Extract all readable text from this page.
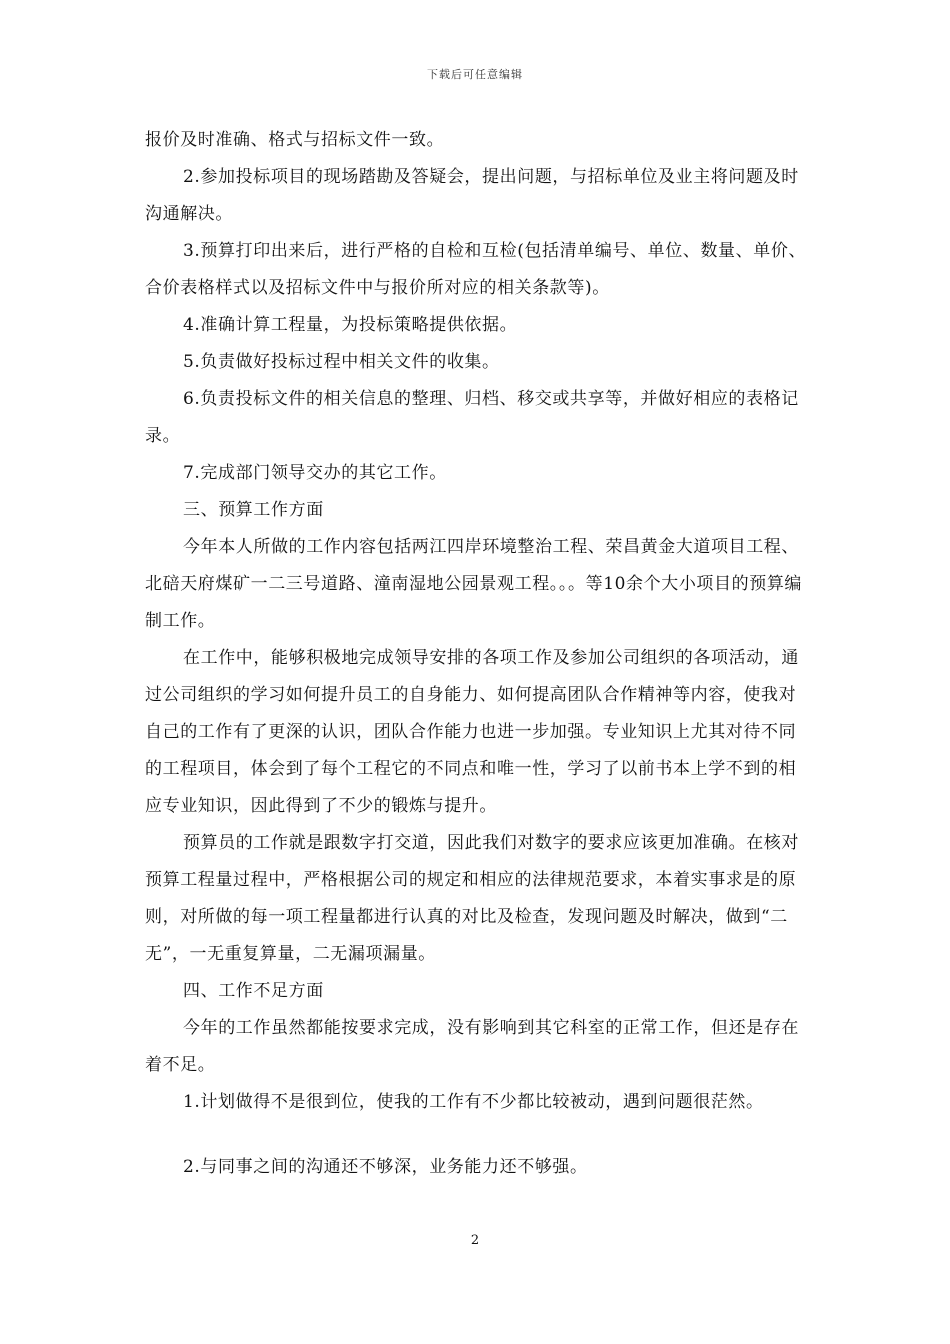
下载后可任意编辑

报价及时准确、格式与招标文件一致。

2.参加投标项目的现场踏勘及答疑会，提出问题，与招标单位及业主将问题及时沟通解决。

3.预算打印出来后，进行严格的自检和互检(包括清单编号、单位、数量、单价、合价表格样式以及招标文件中与报价所对应的相关条款等)。

4.准确计算工程量，为投标策略提供依据。

5.负责做好投标过程中相关文件的收集。

6.负责投标文件的相关信息的整理、归档、移交或共享等，并做好相应的表格记录。

7.完成部门领导交办的其它工作。

三、预算工作方面

今年本人所做的工作内容包括两江四岸环境整治工程、荣昌黄金大道项目工程、北碚天府煤矿一二三号道路、潼南湿地公园景观工程。。。等10余个大小项目的预算编制工作。

在工作中，能够积极地完成领导安排的各项工作及参加公司组织的各项活动，通过公司组织的学习如何提升员工的自身能力、如何提高团队合作精神等内容，使我对自己的工作有了更深的认识，团队合作能力也进一步加强。专业知识上尤其对待不同的工程项目，体会到了每个工程它的不同点和唯一性，学习了以前书本上学不到的相应专业知识，因此得到了不少的锻炼与提升。

预算员的工作就是跟数字打交道，因此我们对数字的要求应该更加准确。在核对预算工程量过程中，严格根据公司的规定和相应的法律规范要求，本着实事求是的原则，对所做的每一项工程量都进行认真的对比及检查，发现问题及时解决，做到“二无”，一无重复算量，二无漏项漏量。

四、工作不足方面

今年的工作虽然都能按要求完成，没有影响到其它科室的正常工作，但还是存在着不足。

1.计划做得不是很到位，使我的工作有不少都比较被动，遇到问题很茫然。

2.与同事之间的沟通还不够深，业务能力还不够强。

2
